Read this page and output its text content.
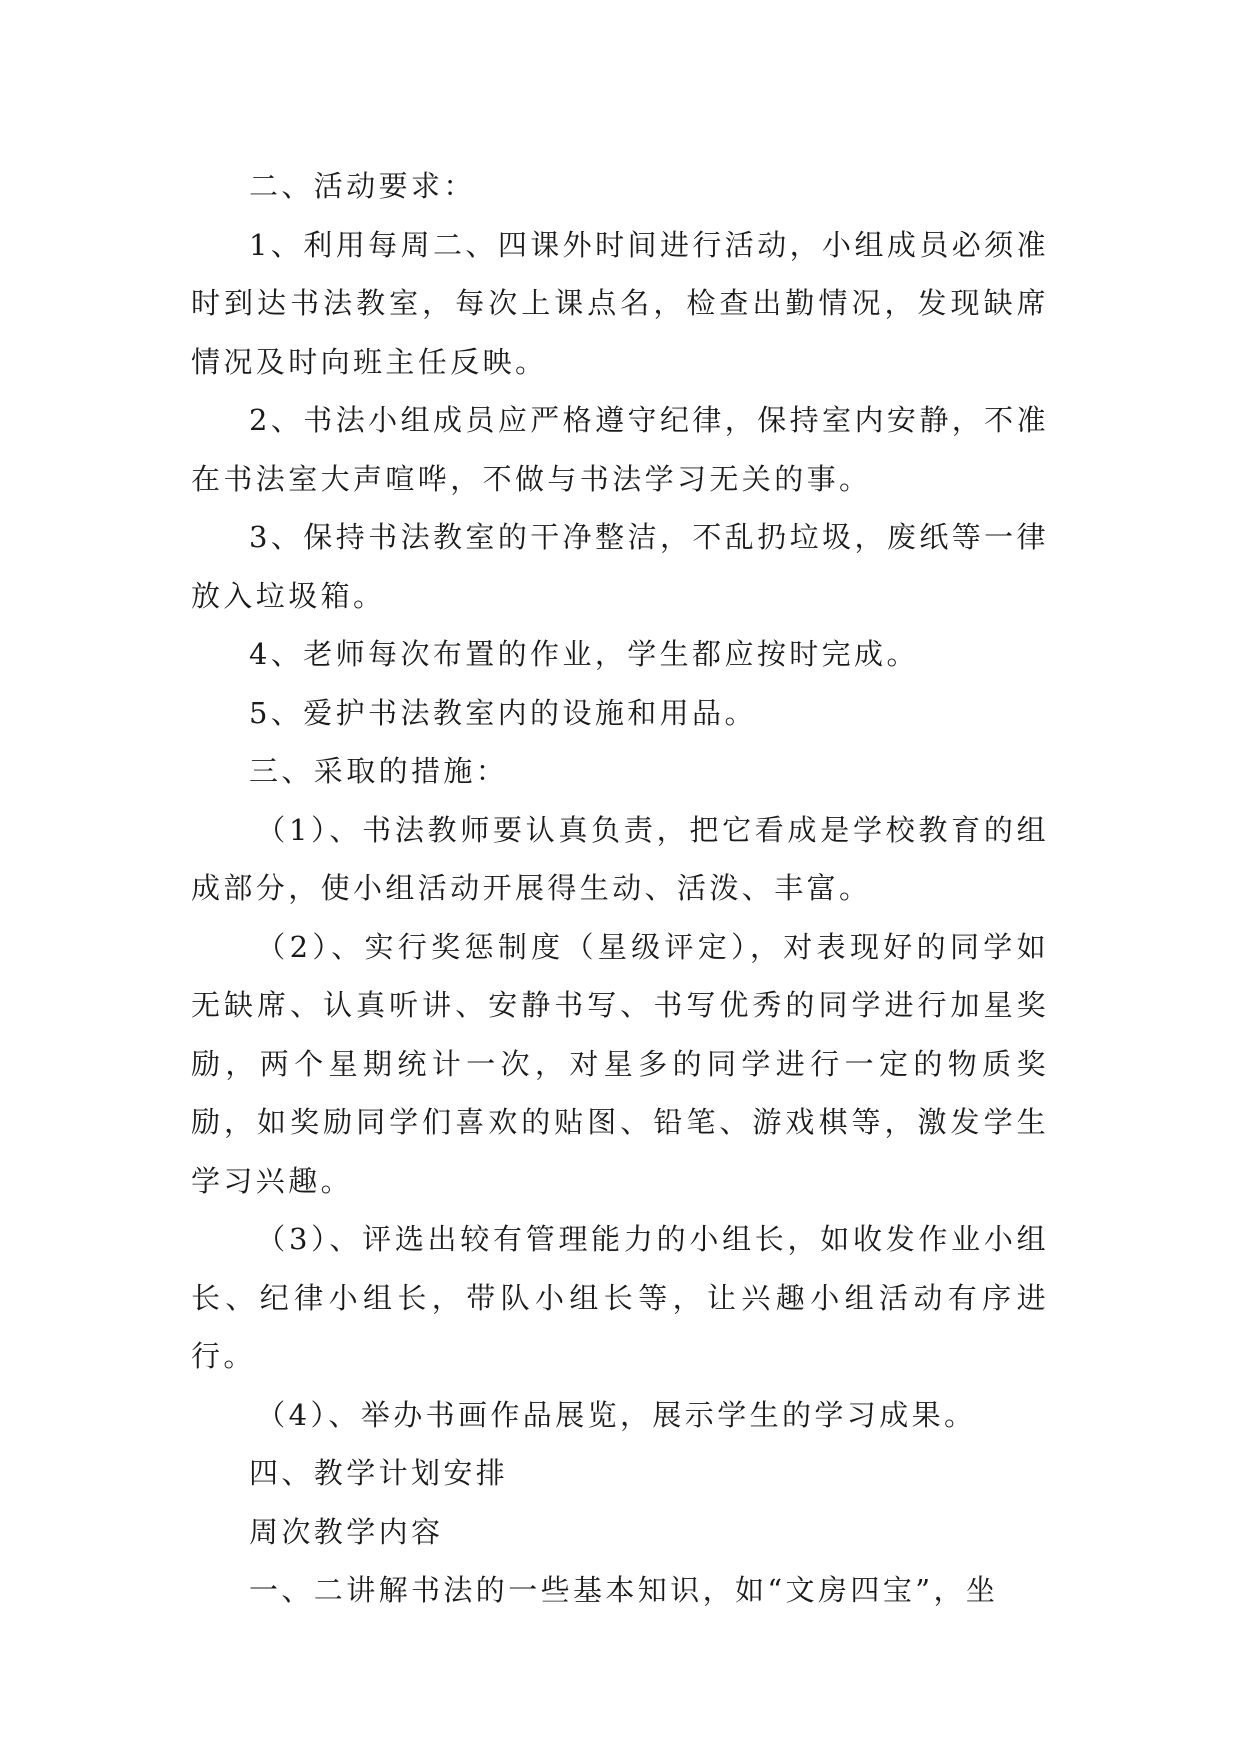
二、活动要求：

1、利用每周二、四课外时间进行活动，小组成员必须准时到达书法教室，每次上课点名，检查出勤情况，发现缺席情况及时向班主任反映。

2、书法小组成员应严格遵守纪律，保持室内安静，不准在书法室大声喧哗，不做与书法学习无关的事。

3、保持书法教室的干净整洁，不乱扔垃圾，废纸等一律放入垃圾箱。

4、老师每次布置的作业，学生都应按时完成。

5、爱护书法教室内的设施和用品。

三、采取的措施：

（1）、书法教师要认真负责，把它看成是学校教育的组成部分，使小组活动开展得生动、活泼、丰富。

（2）、实行奖惩制度（星级评定），对表现好的同学如无缺席、认真听讲、安静书写、书写优秀的同学进行加星奖励，两个星期统计一次，对星多的同学进行一定的物质奖励，如奖励同学们喜欢的贴图、铅笔、游戏棋等，激发学生学习兴趣。

（3）、评选出较有管理能力的小组长，如收发作业小组长、纪律小组长，带队小组长等，让兴趣小组活动有序进行。

（4）、举办书画作品展览，展示学生的学习成果。

四、教学计划安排

周次教学内容

一、二讲解书法的一些基本知识，如“文房四宝”，坐
